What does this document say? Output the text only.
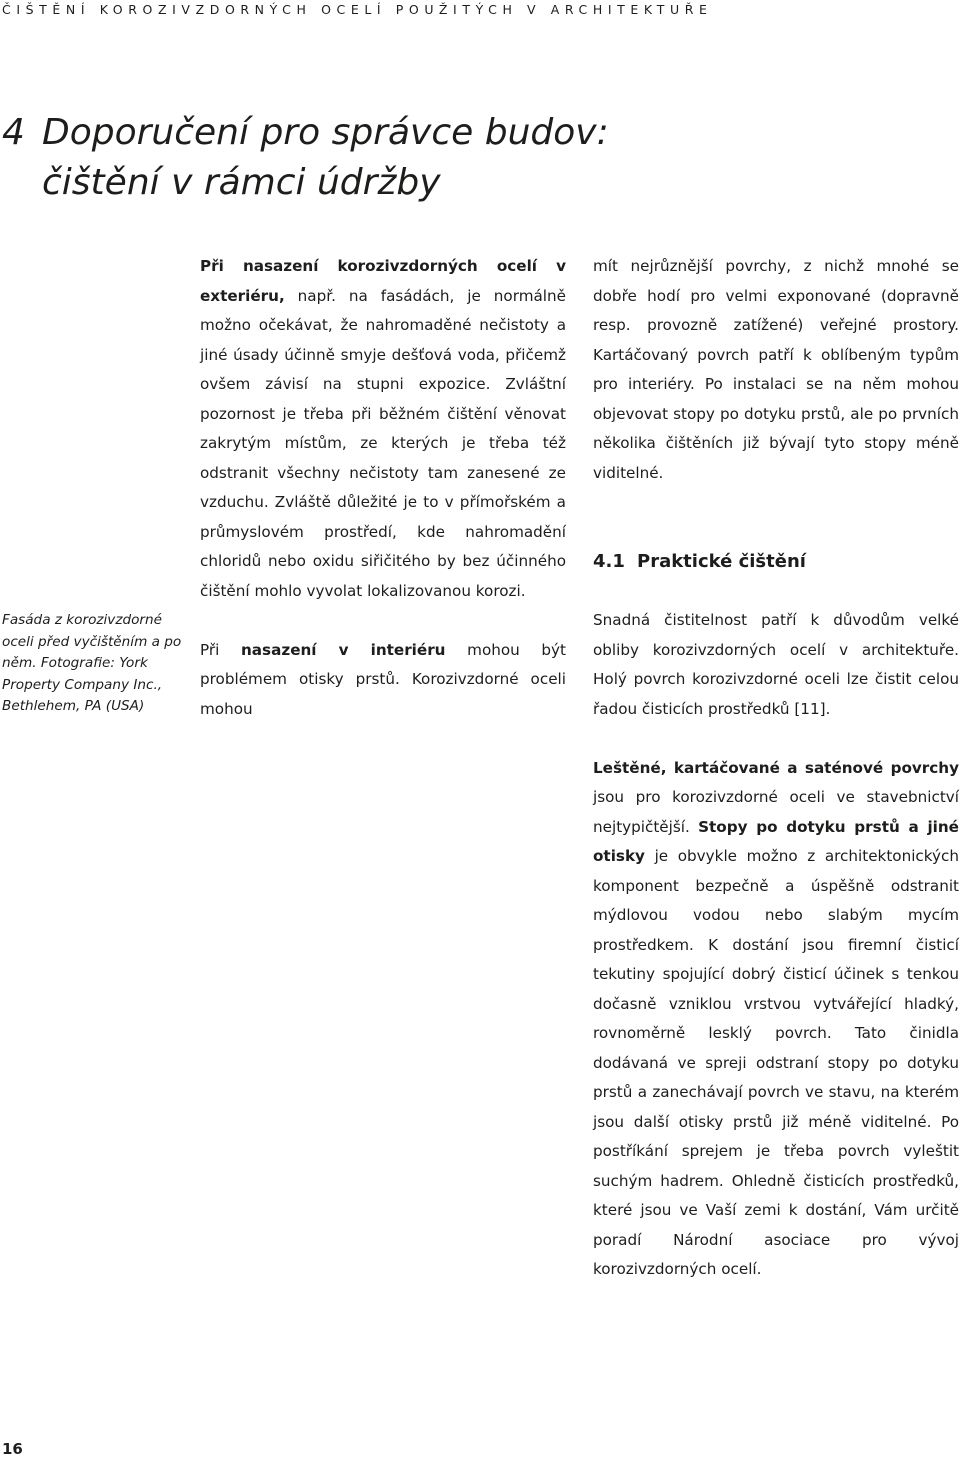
ČIŠTĚNÍ KOROZIVZDORNÝCH OCELÍ POUŽITÝCH V ARCHITEKTUŘE
4 Doporučení pro správce budov:
čištění v rámci údržby
Fasáda z korozivzdorné oceli před vyčištěním a po něm. Fotografie: York Property Company Inc., Bethlehem, PA (USA)

Při nasazení korozivzdorných ocelí v exteriéru, např. na fasádách, je normálně možno očekávat, že nahromaděné nečistoty a jiné úsady účinně smyje dešťová voda, přičemž ovšem závisí na stupni expozice. Zvláštní pozornost je třeba při běžném čištění věnovat zakrytým místům, ze kterých je třeba též odstranit všechny nečistoty tam zanesené ze vzduchu. Zvláště důležité je to v přímořském a průmyslovém prostředí, kde nahromadění chloridů nebo oxidu siřičitého by bez účinného čištění mohlo vyvolat lokalizovanou korozi.

Při nasazení v interiéru mohou být problémem otisky prstů. Korozivzdorné oceli mohou

mít nejrůznější povrchy, z nichž mnohé se dobře hodí pro velmi exponované (dopravně resp. provozně zatížené) veřejné prostory. Kartáčovaný povrch patří k oblíbeným typům pro interiéry. Po instalaci se na něm mohou objevovat stopy po dotyku prstů, ale po prvních několika čištěních již bývají tyto stopy méně viditelné.

4.1 Praktické čištění

Snadná čistitelnost patří k důvodům velké obliby korozivzdorných ocelí v architektuře. Holý povrch korozivzdorné oceli lze čistit celou řadou čisticích prostředků [11].

Leštěné, kartáčované a saténové povrchy jsou pro korozivzdorné oceli ve stavebnictví nejtypičtější. Stopy po dotyku prstů a jiné otisky je obvykle možno z architektonických komponent bezpečně a úspěšně odstranit mýdlovou vodou nebo slabým mycím prostředkem. K dostání jsou firemní čisticí tekutiny spojující dobrý čisticí účinek s tenkou dočasně vzniklou vrstvou vytvářející hladký, rovnoměrně lesklý povrch. Tato činidla dodávaná ve spreji odstraní stopy po dotyku prstů a zanechávají povrch ve stavu, na kterém jsou další otisky prstů již méně viditelné. Po postříkání sprejem je třeba povrch vyleštit suchým hadrem. Ohledně čisticích prostředků, které jsou ve Vaší zemi k dostání, Vám určitě poradí Národní asociace pro vývoj korozivzdorných ocelí.

16
